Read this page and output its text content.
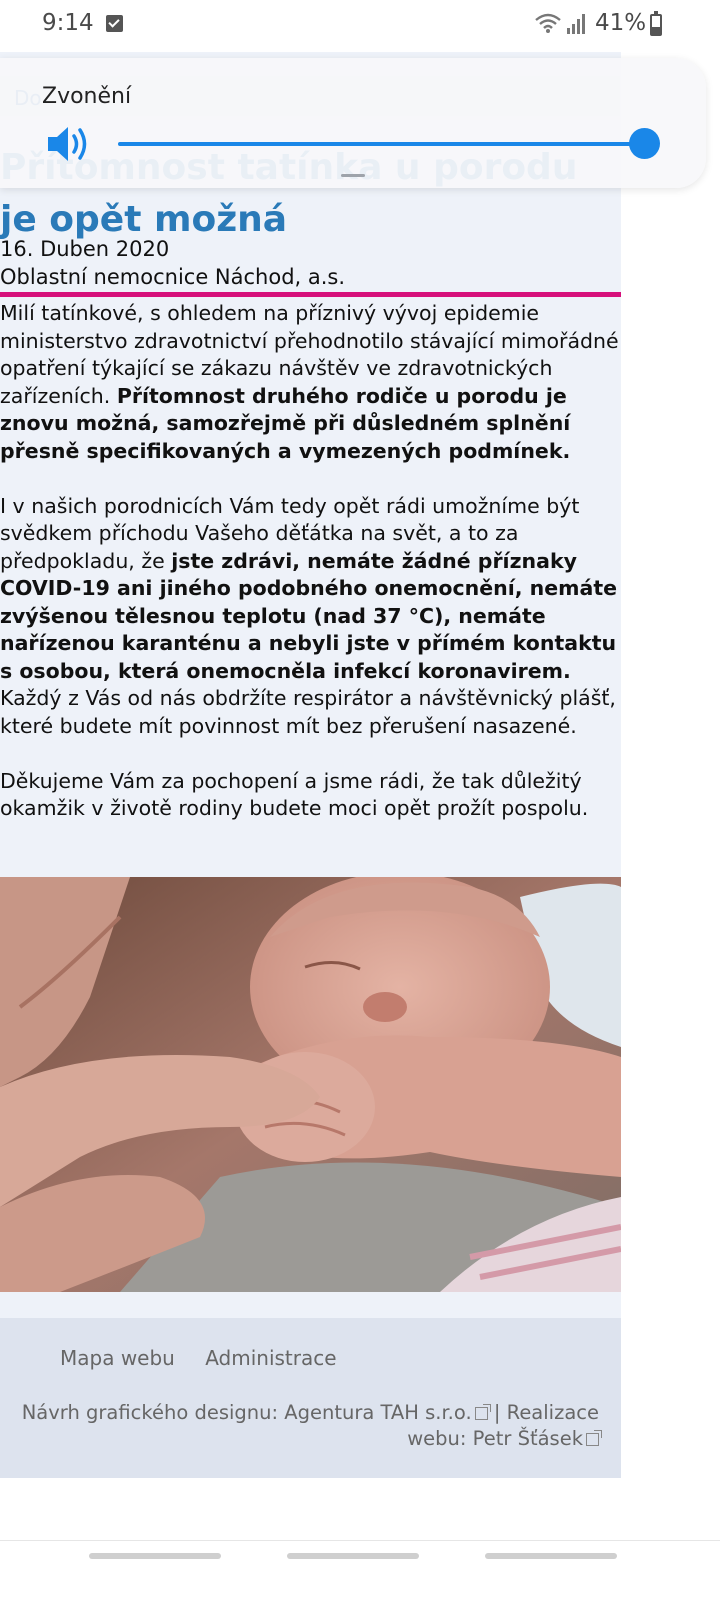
9:14	41%
je opět možná
16. Duben 2020
Oblastní nemocnice Náchod, a.s.

Milí tatínkové, s ohledem na příznivý vývoj epidemie ministerstvo zdravotnictví přehodnotilo stávající mimořádné opatření týkající se zákazu návštěv ve zdravotnických zařízeních. Přítomnost druhého rodiče u porodu je znovu možná, samozřejmě při důsledném splnění přesně specifikovaných a vymezených podmínek.

I v našich porodnicích Vám tedy opět rádi umožníme být svědkem příchodu Vašeho děťátka na svět, a to za předpokladu, že jste zdrávi, nemáte žádné příznaky COVID-19 ani jiného podobného onemocnění, nemáte zvýšenou tělesnou teplotu (nad 37 °C), nemáte nařízenou karanténu a nebyli jste v přímém kontaktu s osobou, která onemocněla infekcí koronavirem. Každý z Vás od nás obdržíte respirátor a návštěvnický plášť, které budete mít povinnost mít bez přerušení nasazené.

Děkujeme Vám za pochopení a jsme rádi, že tak důležitý okamžik v životě rodiny budete moci opět prožít pospolu.

Mapa webu Administrace
Návrh grafického designu: Agentura TAH s.r.o. | Realizace webu: Petr Šťásek
Zvonění
